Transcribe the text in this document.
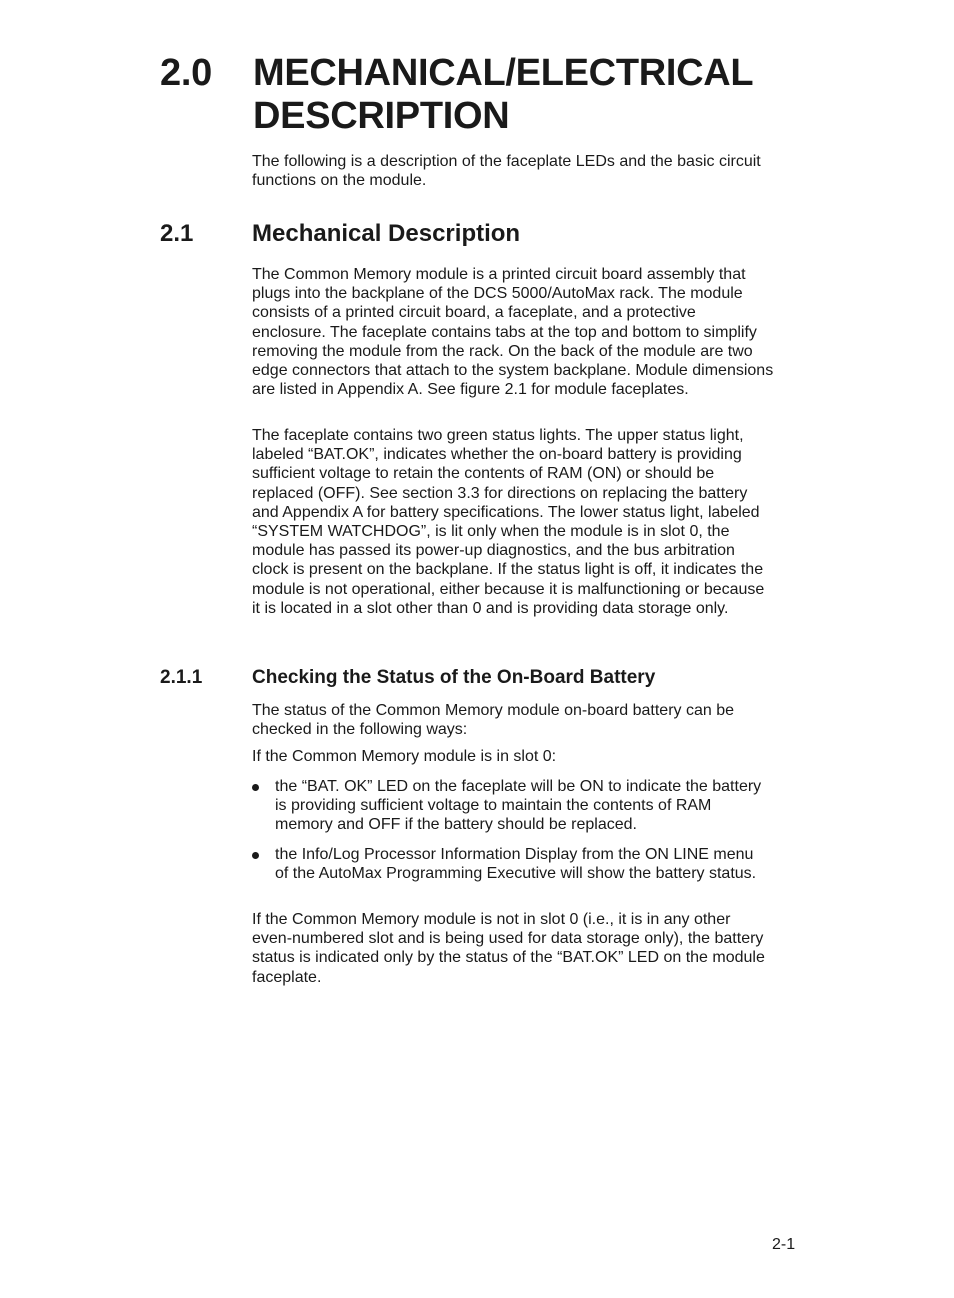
2.0 MECHANICAL/ELECTRICAL DESCRIPTION

The following is a description of the faceplate LEDs and the basic circuit functions on the module.

2.1 Mechanical Description

The Common Memory module is a printed circuit board assembly that plugs into the backplane of the DCS 5000/AutoMax rack. The module consists of a printed circuit board, a faceplate, and a protective enclosure. The faceplate contains tabs at the top and bottom to simplify removing the module from the rack. On the back of the module are two edge connectors that attach to the system backplane. Module dimensions are listed in Appendix A. See figure 2.1 for module faceplates.

The faceplate contains two green status lights. The upper status light, labeled “BAT.OK”, indicates whether the on-board battery is providing sufficient voltage to retain the contents of RAM (ON) or should be replaced (OFF). See section 3.3 for directions on replacing the battery and Appendix A for battery specifications. The lower status light, labeled “SYSTEM WATCHDOG”, is lit only when the module is in slot 0, the module has passed its power-up diagnostics, and the bus arbitration clock is present on the backplane. If the status light is off, it indicates the module is not operational, either because it is malfunctioning or because it is located in a slot other than 0 and is providing data storage only.

2.1.1	Checking the Status of the On-Board Battery

The status of the Common Memory module on-board battery can be checked in the following ways:

If the Common Memory module is in slot 0:

the “BAT. OK” LED on the faceplate will be ON to indicate the battery is providing sufficient voltage to maintain the contents of RAM memory and OFF if the battery should be replaced.
the Info/Log Processor Information Display from the ON LINE menu of the AutoMax Programming Executive will show the battery status.

If the Common Memory module is not in slot 0 (i.e., it is in any other even-numbered slot and is being used for data storage only), the battery status is indicated only by the status of the “BAT.OK” LED on the module faceplate.

2-1
